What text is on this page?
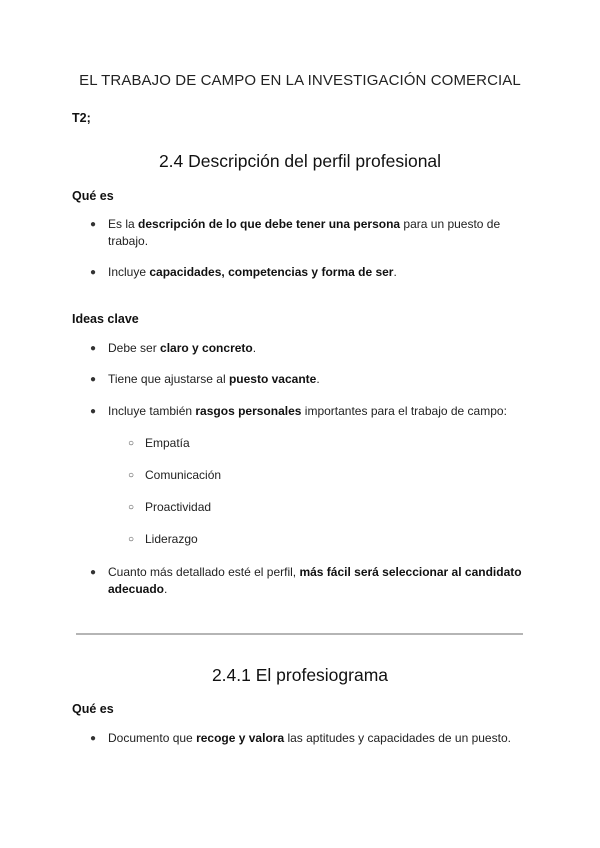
EL TRABAJO DE CAMPO EN LA INVESTIGACIÓN COMERCIAL
T2;
2.4 Descripción del perfil profesional
Qué es
● Es la descripción de lo que debe tener una persona para un puesto de trabajo.
● Incluye capacidades, competencias y forma de ser.
Ideas clave
● Debe ser claro y concreto.
● Tiene que ajustarse al puesto vacante.
● Incluye también rasgos personales importantes para el trabajo de campo:
○ Empatía
○ Comunicación
○ Proactividad
○ Liderazgo
● Cuanto más detallado esté el perfil, más fácil será seleccionar al candidato adecuado.
2.4.1 El profesiograma
Qué es
● Documento que recoge y valora las aptitudes y capacidades de un puesto.
